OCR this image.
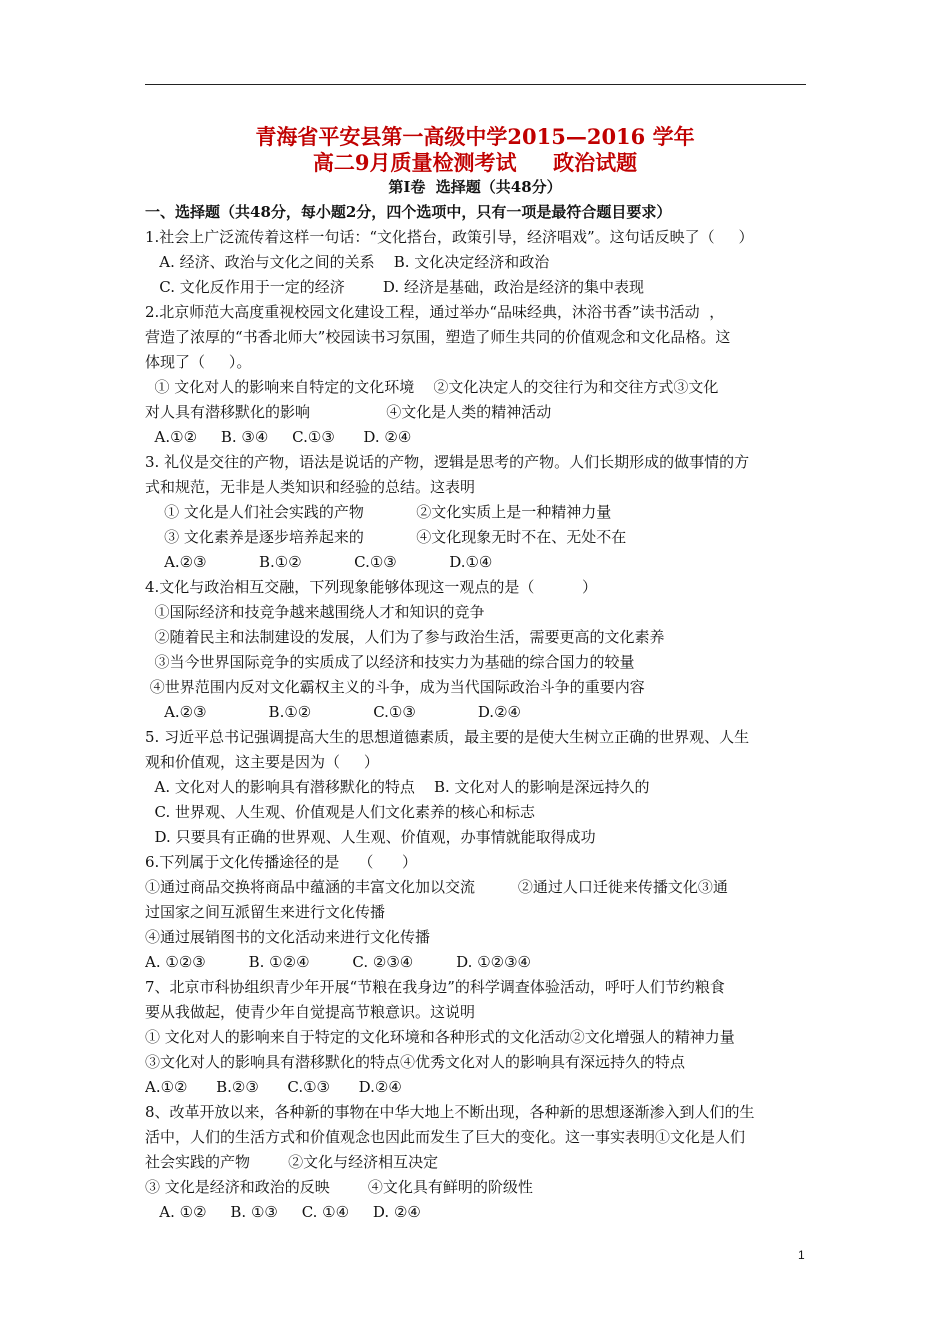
青海省平安县第一高级中学2015—2016 学年
高二9月质量检测考试     政治试题
第Ⅰ卷  选择题（共48分）
一、选择题（共48分，每小题2分，四个选项中，只有一项是最符合题目要求）
1.社会上广泛流传着这样一句话：“文化搭台，政策引导，经济唱戏”。这句话反映了（     ）
A. 经济、政治与文化之间的关系    B. 文化决定经济和政治
C. 文化反作用于一定的经济        D. 经济是基础，政治是经济的集中表现
2.北京师范大高度重视校园文化建设工程，通过举办“品味经典，沐浴书香”读书活动  ，
营造了浓厚的“书香北师大”校园读书习氛围，塑造了师生共同的价值观念和文化品格。这
体现了（     ）。
① 文化对人的影响来自特定的文化环境    ②文化决定人的交往行为和交往方式③文化
对人具有潜移默化的影响                ④文化是人类的精神活动
A.①②     B. ③④     C.①③      D. ②④
3. 礼仪是交往的产物，语法是说话的产物，逻辑是思考的产物。人们长期形成的做事情的方
式和规范，无非是人类知识和经验的总结。这表明
① 文化是人们社会实践的产物           ②文化实质上是一种精神力量
③ 文化素养是逐步培养起来的           ④文化现象无时不在、无处不在
A.②③           B.①②           C.①③           D.①④
4.文化与政治相互交融，下列现象能够体现这一观点的是（          ）
①国际经济和技竞争越来越围绕人才和知识的竞争
②随着民主和法制建设的发展，人们为了参与政治生活，需要更高的文化素养
③当今世界国际竞争的实质成了以经济和技实力为基础的综合国力的较量
④世界范围内反对文化霸权主义的斗争，成为当代国际政治斗争的重要内容
A.②③             B.①②             C.①③             D.②④
5. 习近平总书记强调提高大生的思想道德素质，最主要的是使大生树立正确的世界观、人生
观和价值观，这主要是因为（     ）
A. 文化对人的影响具有潜移默化的特点    B. 文化对人的影响是深远持久的
C. 世界观、人生观、价值观是人们文化素养的核心和标志
D. 只要具有正确的世界观、人生观、价值观，办事情就能取得成功
6.下列属于文化传播途径的是    （      ）
①通过商品交换将商品中蕴涵的丰富文化加以交流         ②通过人口迁徙来传播文化③通
过国家之间互派留生来进行文化传播
④通过展销图书的文化活动来进行文化传播
A. ①②③         B. ①②④         C. ②③④         D. ①②③④
7、北京市科协组织青少年开展“节粮在我身边”的科学调查体验活动，呼吁人们节约粮食
要从我做起，使青少年自觉提高节粮意识。这说明
① 文化对人的影响来自于特定的文化环境和各种形式的文化活动②文化增强人的精神力量
③文化对人的影响具有潜移默化的特点④优秀文化对人的影响具有深远持久的特点
A.①②      B.②③      C.①③      D.②④
8、改革开放以来，各种新的事物在中华大地上不断出现，各种新的思想逐渐渗入到人们的生
活中，人们的生活方式和价值观念也因此而发生了巨大的变化。这一事实表明①文化是人们
社会实践的产物        ②文化与经济相互决定
③ 文化是经济和政治的反映        ④文化具有鲜明的阶级性
A. ①②     B. ①③     C. ①④     D. ②④
1
